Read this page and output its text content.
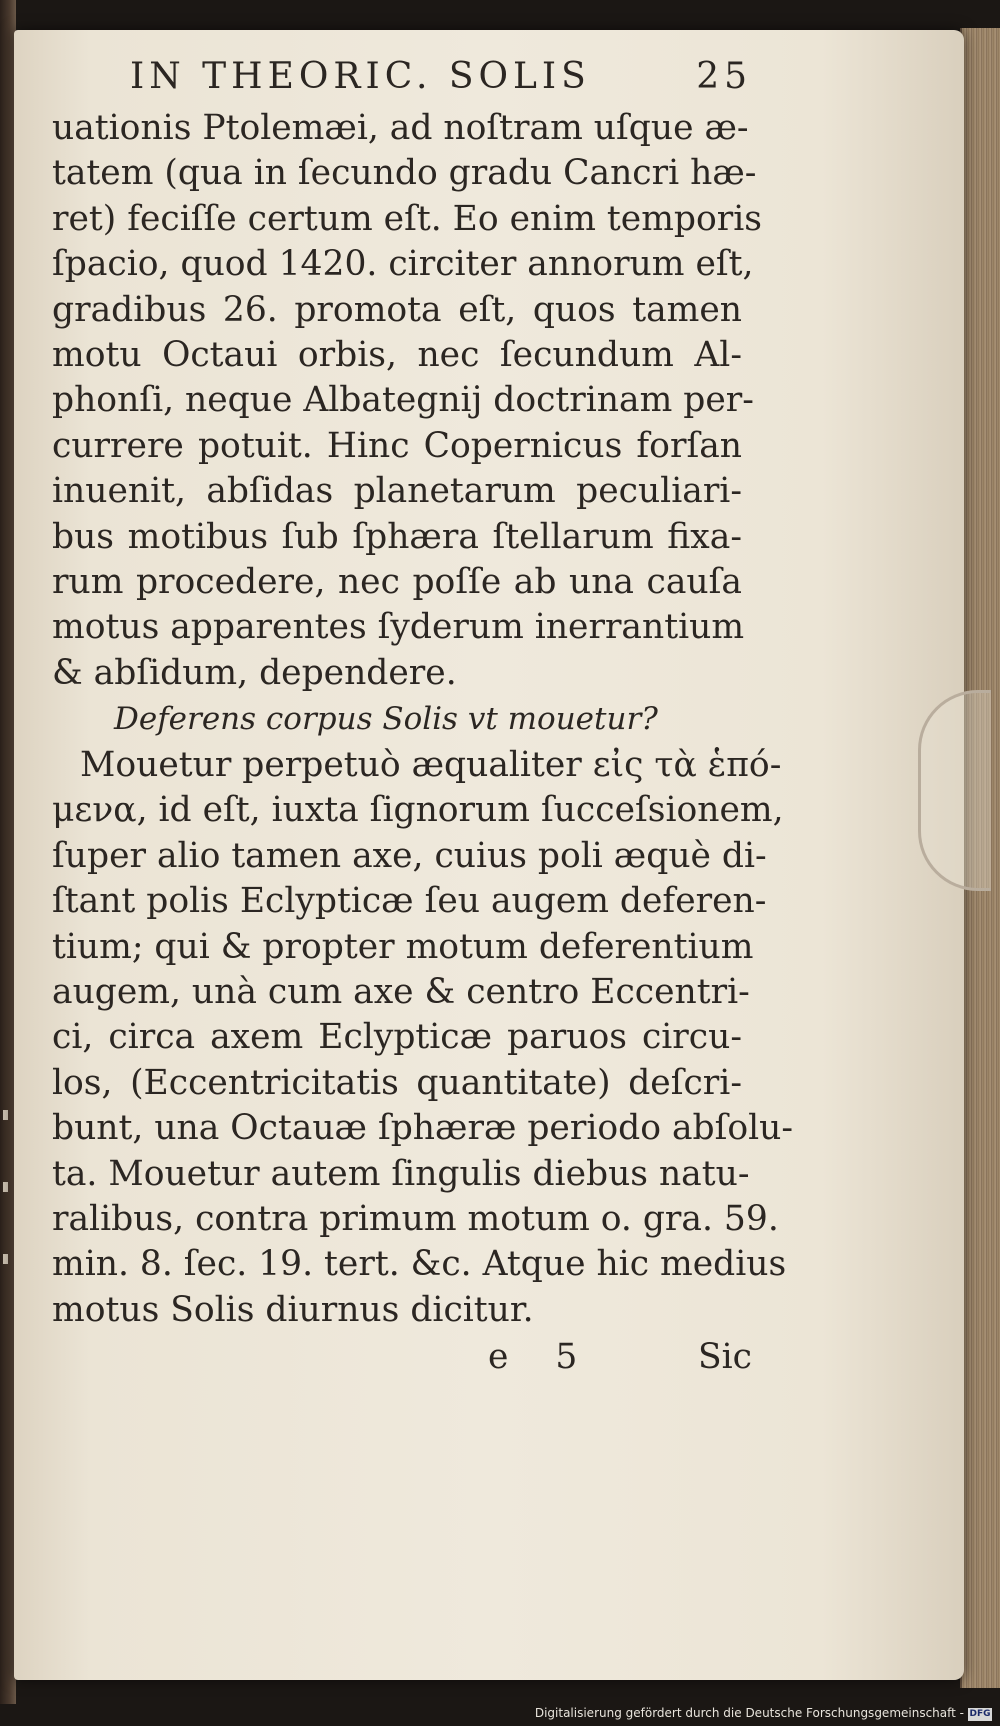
IN THEORIC. SOLIS	25
uationis Ptolemæi, ad noſtram uſque æ-
tatem (qua in ſecundo gradu Cancri hæ-
ret) feciſſe certum eſt. Eo enim temporis
ſpacio, quod 1420. circiter annorum eſt,
gradibus 26. promota eſt, quos tamen
motu Octaui orbis, nec ſecundum Al-
phonſi, neque Albategnij doctrinam per-
currere potuit. Hinc Copernicus forſan
inuenit, abſidas planetarum peculiari-
bus motibus ſub ſphæra ſtellarum fixa-
rum procedere, nec poſſe ab una cauſa
motus apparentes ſyderum inerrantium
& abſidum, dependere.
Deferens corpus Solis vt mouetur?
Mouetur perpetuò æqualiter εἰς τὰ ἑπό-
μενα, id eſt, iuxta ſignorum ſucceſsionem,
ſuper alio tamen axe, cuius poli æquè di-
ſtant polis Eclypticæ ſeu augem deferen-
tium; qui & propter motum deferentium
augem, unà cum axe & centro Eccentri-
ci, circa axem Eclypticæ paruos circu-
los, (Eccentricitatis quantitate) deſcri-
bunt, una Octauæ ſphæræ periodo abſolu-
ta. Mouetur autem ſingulis diebus natu-
ralibus, contra primum motum o. gra. 59.
min. 8. ſec. 19. tert. &c. Atque hic medius
motus Solis diurnus dicitur.
e 5	Sic
Digitalisierung gefördert durch die Deutsche Forschungsgemeinschaft - DFG
